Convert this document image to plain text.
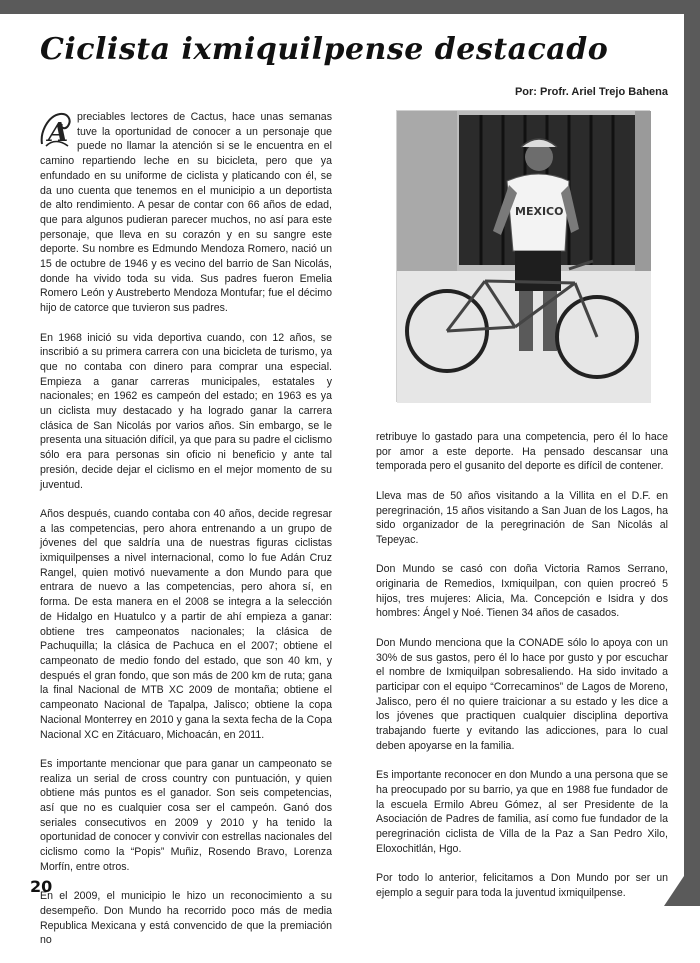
Ciclista ixmiquilpense destacado
Por: Profr. Ariel Trejo Bahena

A
preciables lectores de Cactus, hace unas semanas tuve la oportunidad de conocer a un personaje que puede no llamar la atención si se le encuentra en el camino repartiendo leche en su bicicleta, pero que ya enfundado en su uniforme de ciclista y platicando con él, se da uno cuenta que tenemos en el municipio a un deportista de alto rendimiento. A pesar de contar con 66 años de edad, que para algunos pudieran parecer muchos, no así para este personaje, que lleva en su corazón y en su sangre este deporte. Su nombre es Edmundo Mendoza Romero, nació un 15 de octubre de 1946 y es vecino del barrio de San Nicolás, donde ha vivido toda su vida. Sus padres fueron Emelia Romero León y Austreberto Mendoza Montufar; fue el décimo hijo de catorce que tuvieron sus padres.

En 1968 inició su vida deportiva cuando, con 12 años, se inscribió a su primera carrera con una bicicleta de turismo, ya que no contaba con dinero para comprar una especial. Empieza a ganar carreras municipales, estatales y nacionales; en 1962 es campeón del estado; en 1963 es ya un ciclista muy destacado y ha logrado ganar la carrera clásica de San Nicolás por varios años. Sin embargo, se le presenta una situación difícil, ya que para su padre el ciclismo sólo era para personas sin oficio ni beneficio y ante tal presión, decide dejar el ciclismo en el mejor momento de su juventud.

Años después, cuando contaba con 40 años, decide regresar a las competencias, pero ahora entrenando a un grupo de jóvenes del que saldría una de nuestras figuras ciclistas ixmiquilpenses a nivel internacional, como lo fue Adán Cruz Rangel, quien motivó nuevamente a don Mundo para que entrara de nuevo a las competencias, pero ahora sí, en forma. De esta manera en el 2008 se integra a la selección de Hidalgo en Huatulco y a partir de ahí empieza a ganar: obtiene tres campeonatos nacionales; la clásica de Pachuquilla; la clásica de Pachuca en el 2007; obtiene el campeonato de medio fondo del estado, que son 40 km, y después el gran fondo, que son más de 200 km de ruta; gana la final Nacional de MTB XC 2009 de montaña; obtiene el campeonato Nacional de Tapalpa, Jalisco; obtiene la copa Nacional Monterrey en 2010 y gana la sexta fecha de la Copa Nacional XC en Zitácuaro, Michoacán, en 2011.

Es importante mencionar que para ganar un campeonato se realiza un serial de cross country con puntuación, y quien obtiene más puntos es el ganador. Son seis competencias, así que no es cualquier cosa ser el campeón. Ganó dos seriales consecutivos en 2009 y 2010 y ha tenido la oportunidad de conocer y convivir con estrellas nacionales del ciclismo como la “Popis” Muñiz, Rosendo Bravo, Lorenza Morfín, entre otros.

En el 2009, el municipio le hizo un reconocimiento a su desempeño. Don Mundo ha recorrido poco más de media Republica Mexicana y está convencido de que la premiación no

MEXICO

retribuye lo gastado para una competencia, pero él lo hace por amor a este deporte. Ha pensado descansar una temporada pero el gusanito del deporte es difícil de contener.

Lleva mas de 50 años visitando a la Villita en el D.F. en peregrinación, 15 años visitando a San Juan de los Lagos, ha sido organizador de la peregrinación de San Nicolás al Tepeyac.

Don Mundo se casó con doña Victoria Ramos Serrano, originaria de Remedios, Ixmiquilpan, con quien procreó 5 hijos, tres mujeres: Alicia, Ma. Concepción e Isidra y dos hombres: Ángel y Noé. Tienen 34 años de casados.

Don Mundo menciona que la CONADE sólo lo apoya con un 30% de sus gastos, pero él lo hace por gusto y por escuchar el nombre de Ixmiquilpan sobresaliendo. Ha sido invitado a participar con el equipo “Correcaminos” de Lagos de Moreno, Jalisco, pero él no quiere traicionar a su estado y les dice a los jóvenes que practiquen cualquier disciplina deportiva trabajando fuerte y evitando las adicciones, para lo cual deben apoyarse en la familia.

Es importante reconocer en don Mundo a una persona que se ha preocupado por su barrio, ya que en 1988 fue fundador de la escuela Ermilo Abreu Gómez, al ser Presidente de la Asociación de Padres de familia, así como fue fundador de la peregrinación ciclista de Villa de la Paz a San Pedro Xilo, Eloxochitlán, Hgo.

Por todo lo anterior, felicitamos a Don Mundo por ser un ejemplo a seguir para toda la juventud ixmiquilpense.

20
